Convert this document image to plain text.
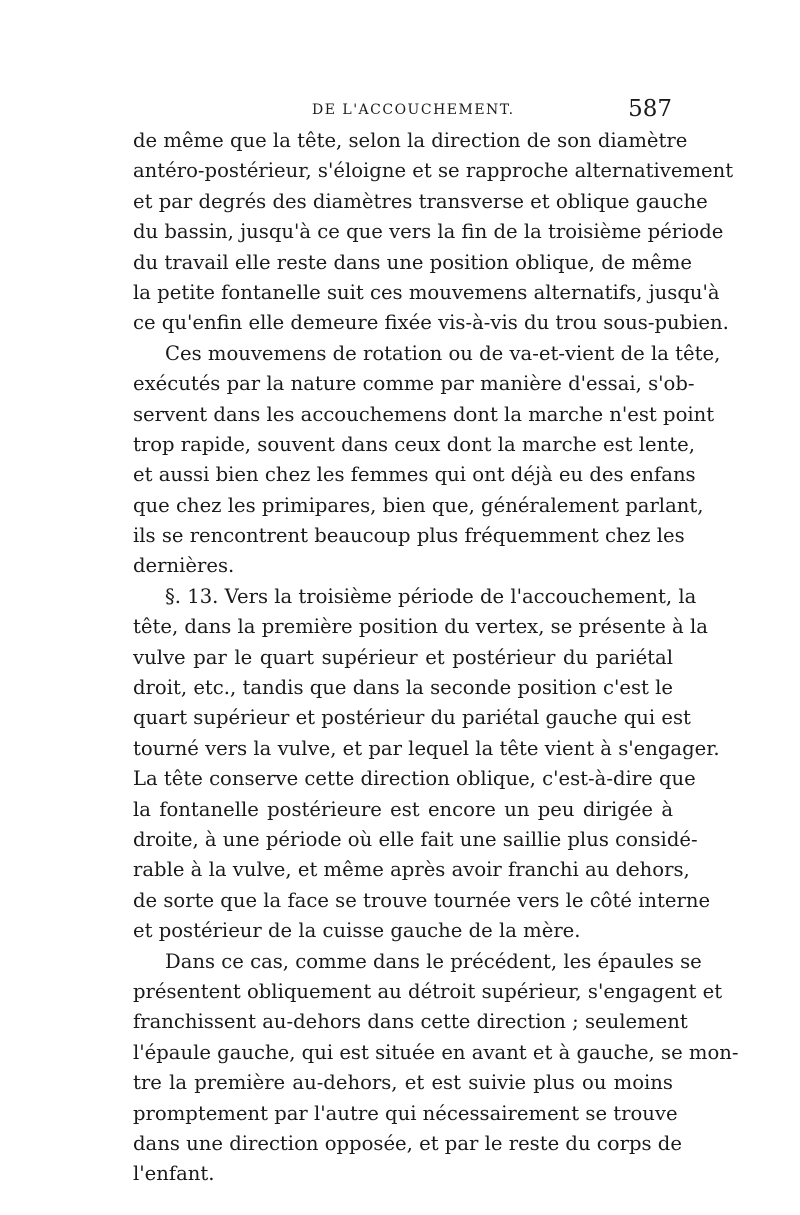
DE L'ACCOUCHEMENT.	587
de même que la tête, selon la direction de son diamètre
antéro-postérieur, s'éloigne et se rapproche alternativement
et par degrés des diamètres transverse et oblique gauche
du bassin, jusqu'à ce que vers la fin de la troisième période
du travail elle reste dans une position oblique, de même
la petite fontanelle suit ces mouvemens alternatifs, jusqu'à
ce qu'enfin elle demeure fixée vis-à-vis du trou sous-pubien.
Ces mouvemens de rotation ou de va-et-vient de la tête,
exécutés par la nature comme par manière d'essai, s'ob-
servent dans les accouchemens dont la marche n'est point
trop rapide, souvent dans ceux dont la marche est lente,
et aussi bien chez les femmes qui ont déjà eu des enfans
que chez les primipares, bien que, généralement parlant,
ils se rencontrent beaucoup plus fréquemment chez les
dernières.
§. 13. Vers la troisième période de l'accouchement, la
tête, dans la première position du vertex, se présente à la
vulve par le quart supérieur et postérieur du pariétal
droit, etc., tandis que dans la seconde position c'est le
quart supérieur et postérieur du pariétal gauche qui est
tourné vers la vulve, et par lequel la tête vient à s'engager.
La tête conserve cette direction oblique, c'est-à-dire que
la fontanelle postérieure est encore un peu dirigée à
droite, à une période où elle fait une saillie plus considé-
rable à la vulve, et même après avoir franchi au dehors,
de sorte que la face se trouve tournée vers le côté interne
et postérieur de la cuisse gauche de la mère.
Dans ce cas, comme dans le précédent, les épaules se
présentent obliquement au détroit supérieur, s'engagent et
franchissent au-dehors dans cette direction ; seulement
l'épaule gauche, qui est située en avant et à gauche, se mon-
tre la première au-dehors, et est suivie plus ou moins
promptement par l'autre qui nécessairement se trouve
dans une direction opposée, et par le reste du corps de
l'enfant.
